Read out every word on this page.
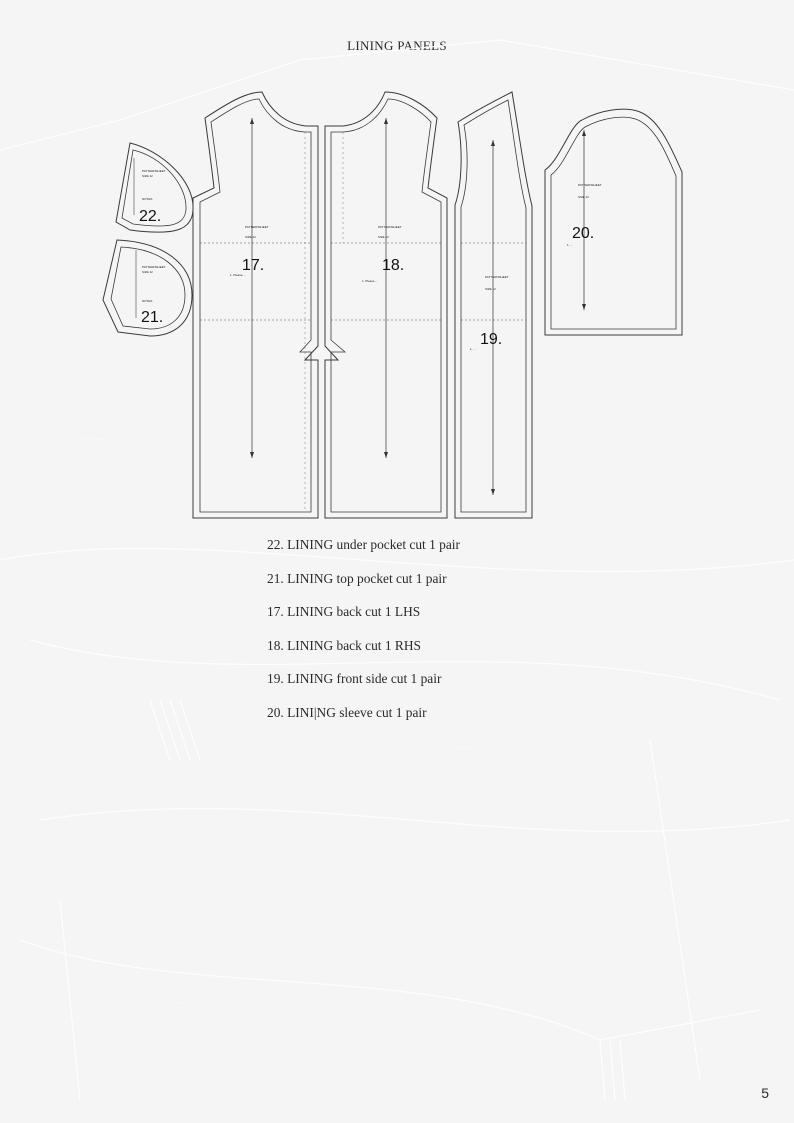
LINING PANELS
............
..........
..........
PATTERNSHEET
SIZE 12
NOTES
22.
PATTERNSHEET
SIZE 12
NOTES
21.
PATTERNSHEET
SIZE 12
1. Please ...
17.
PATTERNSHEET
SIZE 12
1. Please ...
18.
PATTERNSHEET
SIZE 12
1. ....
19.
PATTERNSHEET
SIZE 12
1. ...
20.
22. LINING under pocket cut 1 pair
21. LINING top pocket cut 1 pair
17. LINING back cut 1 LHS
18. LINING back cut 1 RHS
19. LINING front side cut 1 pair
20. LINI|NG sleeve cut 1 pair
5
